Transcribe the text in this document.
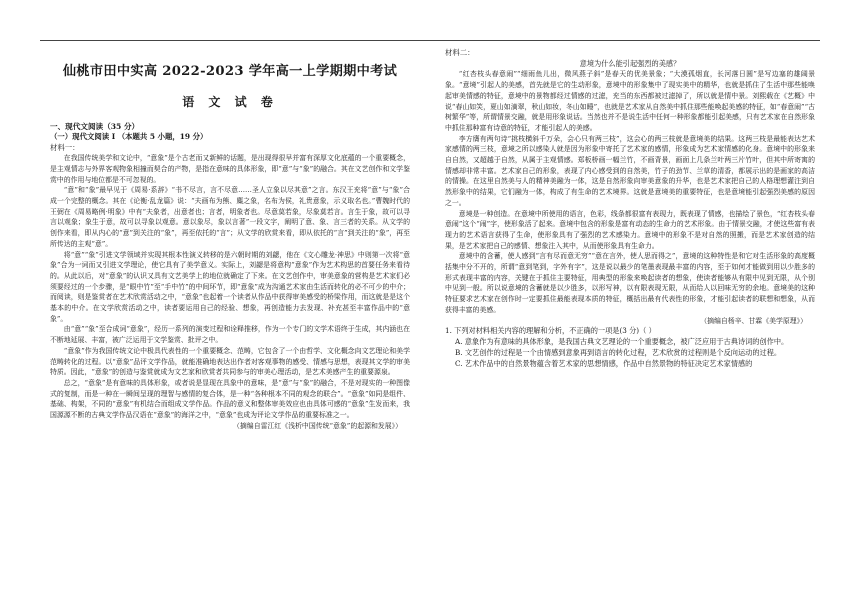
仙桃市田中实高 2022-2023 学年高一上学期期中考试
语 文 试 卷
一、现代文阅读（35 分）
（一）现代文阅读 I （本题共 5 小题，19 分）
材料一：

在我国传统美学和文论中，“意象”是个古老而又新鲜的话题，是出现得很早并富有深厚文化底蕴的一个重要概念，是主观情志与外界客观物象相撞而契合的产物，是指在意味的具体形象，即“意”与“象”的融合。其在文艺创作和文学鉴赏中的作用与地位都是不可忽视的。

“意”和“象”最早见于《周易·系辞》“书不尽言，言不尽意……圣人立象以尽其意”之言。东汉王充将“意”与“象”合成一个完整的概念。其在《论衡·乱龙篇》说：“夫画布为熊、麋之象，名布为侯，礼贵意象，示义取名也。”曹魏时代的王弼在《周易略例·明象》中有“夫象者，出意者也；言者，明象者也。尽意莫若象，尽象莫若言。言生于象，故可以寻言以观象；象生于意，故可以寻象以观意。意以象尽，象以言著”一段文字，阐明了意、象、言三者的关系。从文学的创作来看，即从内心的“意”到关注的“象”，再至依托的“言”；从文学的欣赏来看，即从依托的“言”到关注的“象”，再至所传达的主观“意”。

将“意”“象”引进文学领域并实现其根本性演义转移的是六朝时期的刘勰，他在《文心雕龙·神思》中则第一次将“意象”合为一词而又引进文学理论，使它具有了美学意义。实际上，刘勰是将意构“意象”作为艺术构思的首要任务来看待的。从此以后，对“意象”的认识又具有文艺美学上的地位就确定了下来。在文艺创作中，审美意象的营构是艺术家们必须要经过的一个步骤，是“眼中竹”至“手中竹”的中间环节，即“意象”成为沟通艺术家由生活而转化的必不可少的中介；而阅读，则是鉴赏者在艺术欣赏活动之中，“意象”也起着一个读者从作品中获得审美感受的桥梁作用，而这就是是这个基本的中介。在文学欣赏活动之中，读者要运用自己的经验、想象，再创造能力去发现、补充甚至丰富作品中的“意象”。

由“意”“象”至合成词“意象”，经历一系列的演变过程和诠释推移，作为一个专门的文学术语终于生成，其内涵也在不断地延展、丰富，被广泛运用于文学鉴赏、批评之中。

“意象”作为我国传统文论中极具代表性的一个重要概念、范畴，它包含了一个由哲学、文化概念向文艺理论和美学范畴转化的过程。以“意象”品评文学作品，就能准确地表达出作者对客观事物的感受、情感与思想，表现其文学的审美特质。因此，“意象”的创造与鉴赏就成为文艺家和欣赏者共同参与的审美心理活动，是艺术美感产生的重要源泉。

总之，“意象”是有意味的具体形象，或者说是显现在具象中的意味，是“意”与“象”的融合，不是对现实的一种图像式的复制，而是一种在一瞬间呈现的理智与感情的复合体，是一种“各种根本不同的观念的联合”。“意象”如同是组件、基础、构架，不同的“意象”有机结合而组成文学作品。作品的意义和整体审美效应也由具体可感的“意象”生发而来，我国源源不断的古典文学作品汉语在“意象”的海洋之中，“意象”也成为评论文学作品的重要标准之一。

（摘编自雷江红《浅析中国传统“意象”的起源和发展》）

材料二：

意境为什么能引起强烈的美感？

“红杏枝头春意闹”“细雨鱼儿出，微风燕子斜”是春天的优美景象；“大漠孤烟直，长河落日圆”是写边塞的雄阔景象。“意境”引起人的美感，首先就是它的生动形象，意境中的形象集中了现实美中的精华，也就是抓住了生活中那些能唤起审美情感的特征，意境中的景物都经过情感的过滤，充当的东西都被过滤掉了，所以就是情中景。刘熙载在《艺概》中说“春山如笑，夏山如滴翠，秋山如妆，冬山如睡”，也就是艺术家从自然美中抓住那些能唤起美感的特征，如“春意闹”“古树繁华”等，所谓情景交融，就是用形象说话。当然也并不是说生活中任何一种形象都能引起美感，只有艺术家在自然形象中抓住那种富有诗意的特征，才能引起人的美感。

李方膺有两句诗“挑枝横斜千万朵，会心只有两三枝”，这会心的两三枝就是意境美的结果。这两三枝是最能表达艺术家感情的两三枝，意境之所以感染人就是因为形象中寄托了艺术家的感情，形象成为艺术家情感的化身。意境中的形象来自自然，又超越于自然，从属于主观情感。郑板桥画一幅兰竹，不画背景，画面上几条兰叶两三片竹叶，但其中所寄寓的情感却非常丰富。艺术家自己的形象，表现了内心感受到的自然美，竹子的劲节、兰草的清香，都展示出的是画家的高洁的情操。在这里自然美与人的精神美融为一体，这是自然形象向审美意象的升华，也是艺术家把自己的人格理想灌注到自然形象中的结果，它们融为一体，构成了有生命的艺术境界。这就是意境美的重要特征，也是意境能引起强烈美感的原因之一。

意境是一种创造。在意境中所使用的语言，色彩，线条都很富有表现力，既表现了情感，也描绘了景色，“红杏枝头春意闹”这个“闹”字，使形象活了起来。意境中包含的形象是富有动态的生命力的艺术形象。由于情景交融，才使这些富有表现力的艺术语言获得了生命，使形象具有了强烈的艺术感染力。意境中的形象不是对自然的照搬，而是艺术家创造的结果，是艺术家把自己的感情、想象注入其中，从而使形象具有生命力。

意境中的含蓄，使人感到“言有尽而意无穷”“意在言外，使人思而得之”，意境的这种特性是和它对生活形象的高度概括集中分不开的，所谓“意到笔到，字外有字”，这是说以最少的笔墨表现最丰富的内容，至于如何才能做到用以少胜多的形式表现丰富的内容，关键在于抓住主要特征，用典型的形象来唤起读者的想象，使读者能够从有限中见到无限，从个别中见到一般。所以说意境的含蓄就是以少胜多，以形写神，以有限表现无限，从而给人以回味无穷的余地。意境美的这种特征要求艺术家在创作时一定要抓住最能表现本质的特征，概括出最有代表性的形象，才能引起读者的联想和想象，从而获得丰富的美感。

（摘编自杨辛、甘霖《美学原理》）

1. 下列对材料相关内容的理解和分析，不正确的一项是(3 分)（ ）

A. 意象作为有意味的具体形象，是我国古典文艺理论的一个重要概念，被广泛应用于古典诗词的创作中。

B. 文艺创作的过程是一个由情感到意象再到语言的转化过程，艺术欣赏的过程则是个反向运动的过程。

C. 艺术作品中的自然景物蕴含着艺术家的思想情感，作品中自然景物的特征决定艺术家情感的
